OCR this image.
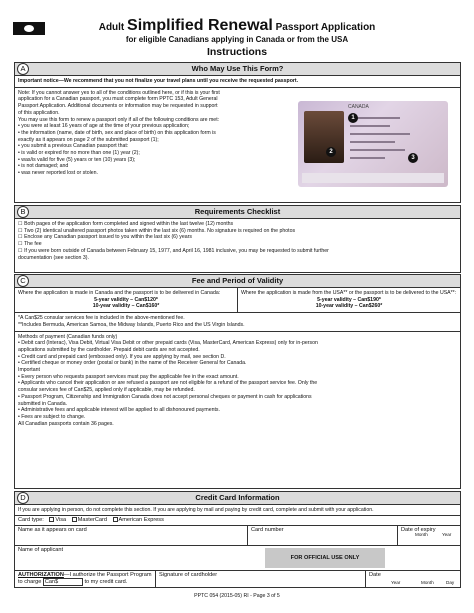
Adult Simplified Renewal Passport Application
for eligible Canadians applying in Canada or from the USA
Instructions
A	Who May Use This Form?
Important notice—We recommend that you not finalize your travel plans until you receive the requested passport.
Note: If you cannot answer yes to all of the conditions outlined here, or if this is your first
application for a Canadian passport, you must complete form PPTC 153, Adult General
Passport Application. Additional documents or information may be requested in support
of this application.
You may use this form to renew a passport only if all of the following conditions are met:
• you were at least 16 years of age at the time of your previous application;
• the information (name, date of birth, sex and place of birth) on this application form is
exactly as it appears on page 2 of the submitted passport (1);
• you submit a previous Canadian passport that:
• is valid or expired for no more than one (1) year (2);
• was/is valid for five (5) years or ten (10) years (3);
• is not damaged; and
• was never reported lost or stolen.
CANADA
1
2
3
B	Requirements Checklist
☐ Both pages of the application form completed and signed within the last twelve (12) months
☐ Two (2) identical unaltered passport photos taken within the last six (6) months. No signature is required on the photos
☐ Enclose any Canadian passport issued to you within the last six (6) years
☐ The fee
☐ If you were born outside of Canada between February 15, 1977, and April 16, 1981 inclusive, you may be requested to submit further
documentation (see section 3).
C	Fee and Period of Validity
Where the application is made in Canada and the passport is to be delivered in Canada:
5-year validity – Can$120*
10-year validity – Can$160*
Where the application is made from the USA** or the passport is to be delivered to the USA**:
5-year validity – Can$190*
10-year validity – Can$260*
*A Can$25 consular services fee is included in the above-mentioned fee.
**Includes Bermuda, American Samoa, the Midway Islands, Puerto Rico and the US Virgin Islands.
Methods of payment (Canadian funds only)
• Debit card (Interac), Visa Debit, Virtual Visa Debit or other prepaid cards (Visa, MasterCard, American Express) only for in-person
applications submitted by the cardholder. Prepaid debit cards are not accepted.
• Credit card and prepaid card (embossed only). If you are applying by mail, see section D.
• Certified cheque or money order (postal or bank) in the name of the Receiver General for Canada.
Important
• Every person who requests passport services must pay the applicable fee in the exact amount.
• Applicants who cancel their application or are refused a passport are not eligible for a refund of the passport service fee. Only the
consular services fee of Can$25, applied only if applicable, may be refunded.
• Passport Program, Citizenship and Immigration Canada does not accept personal cheques or payment in cash for applications
submitted in Canada.
• Administrative fees and applicable interest will be applied to all dishonoured payments.
• Fees are subject to change.
All Canadian passports contain 36 pages.
D	Credit Card Information
If you are applying in person, do not complete this section. If you are applying by mail and paying by credit card, complete and submit with your application.
Card type: Visa MasterCard American Express
Name as it appears on card	Card number	Date of expiry
Month	Year
Name of applicant
FOR OFFICIAL USE ONLY
AUTHORIZATION—I authorize the Passport Program
to charge Can$	to my credit card.
Signature of cardholder	Date
Year	Month	Day
PPTC 054 (2015-05) RI - Page 3 of 5
